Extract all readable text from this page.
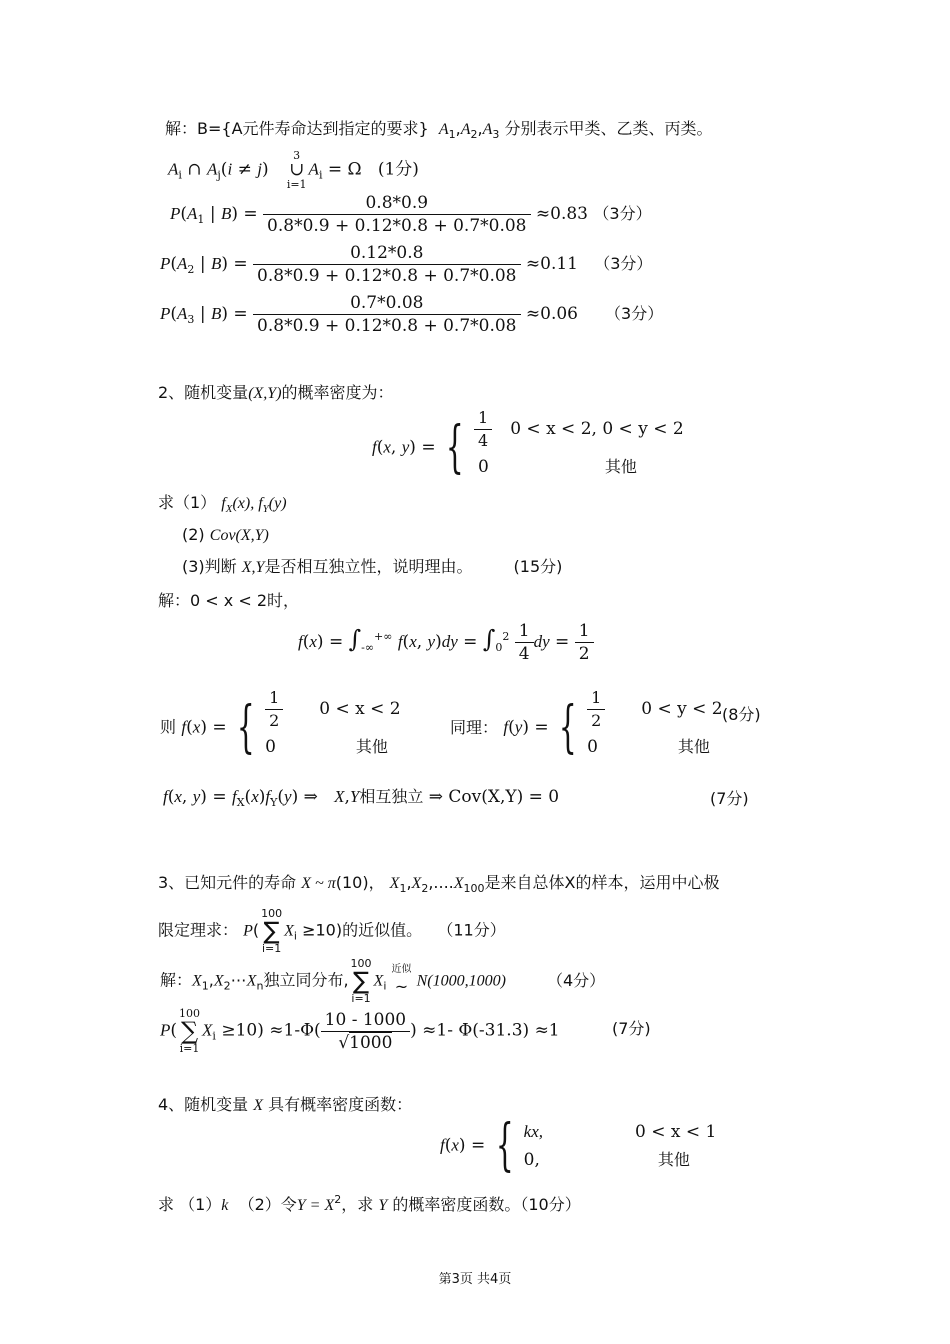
解：B={A元件寿命达到指定的要求} $A_1,A_2,A_3$ 分别表示甲类、乙类、丙类。
$A_i$ ∩ $A_j(i \ne j)$   3
∪
$i=1A_i = \Omega$   (1分)
$P(A_1$ | $B) = \frac{0.8*0.9}{0.8*0.9 + 0.12*0.8 + 0.7*0.08} \approx 0.83$ （3分）
$P(A_2$ | $B) = \frac{0.12*0.8}{0.8*0.9 + 0.12*0.8 + 0.7*0.08} \approx 0.11$ （3分）
$P(A_3$ | $B) = \frac{0.7*0.08}{0.8*0.9 + 0.12*0.8 + 0.7*0.08} \approx 0.06$ （3分）
2、随机变量(X,Y)的概率密度为：
f(x, y) = { $\frac{1}{4} 0 < x < 2$, 0 < y < 2
0	其他
求（1） $f_X(x)$, $f_Y(y)$
(2) Cov(X,Y)
(3)判断 X,Y是否相互独立性，说明理由。	(15分)
解：0 < x < 2时，
$f(x) = \int_{-\infty}^{+\infty}$ f(x, $y)dy = \int_0^2 \frac{1}{4}$ dy = $\frac{1}{2}$
则 f(x) = { $\frac{1}{2} 0 < x < 2$
0	其他
同理： f(y) = { $\frac{1}{2} 0 < y < 2$
0	其他
(8分)
f(x, $y) = f_X(x)f_Y(y)$ ⇒   X,Y相互独立 ⇒ Cov(X,Y) = 0	(7分)
3、已知元件的寿命 X ~ π(10)， $X_1,X_2,....X_{100}$是来自总体X的样本，运用中心极
限定理求： P(100
∑
$i=1X_i \ge 10$)的近似值。 （11分）
解：$X_1,X_2\cdots X_n$独立同分布,100
∑
$i=1X_i$
近似
~ N(1000,1000)	（4分）
P(100
∑
$i=1X_i \ge 10) \approx 1-\Phi( \frac{10 - 1000}{√1000}$ ) ≈1- Φ(-31.3) ≈1	(7分)
4、随机变量 X 具有概率密度函数：
f(x) = { kx,	0 < x < 1
0,	其他
求 （1）k （2）令$Y = X^2$，求 Y 的概率密度函数。（10分）
第3页 共4页
